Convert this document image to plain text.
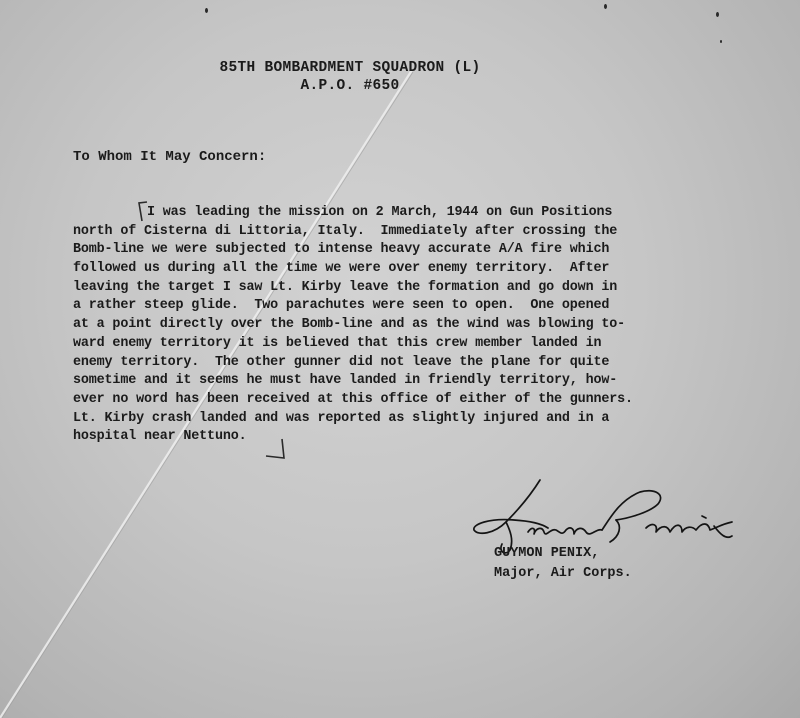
85TH BOMBARDMENT SQUADRON (L)
A.P.O. #650
To Whom It May Concern:
I was leading the mission on 2 March, 1944 on Gun Positions
north of Cisterna di Littoria, Italy.  Immediately after crossing the
Bomb-line we were subjected to intense heavy accurate A/A fire which
followed us during all the time we were over enemy territory.  After
leaving the target I saw Lt. Kirby leave the formation and go down in
a rather steep glide.  Two parachutes were seen to open.  One opened
at a point directly over the Bomb-line and as the wind was blowing to-
ward enemy territory it is believed that this crew member landed in
enemy territory.  The other gunner did not leave the plane for quite
sometime and it seems he must have landed in friendly territory, how-
ever no word has been received at this office of either of the gunners.
Lt. Kirby crash landed and was reported as slightly injured and in a
hospital near Nettuno.
GUYMON PENIX,
Major, Air Corps.
